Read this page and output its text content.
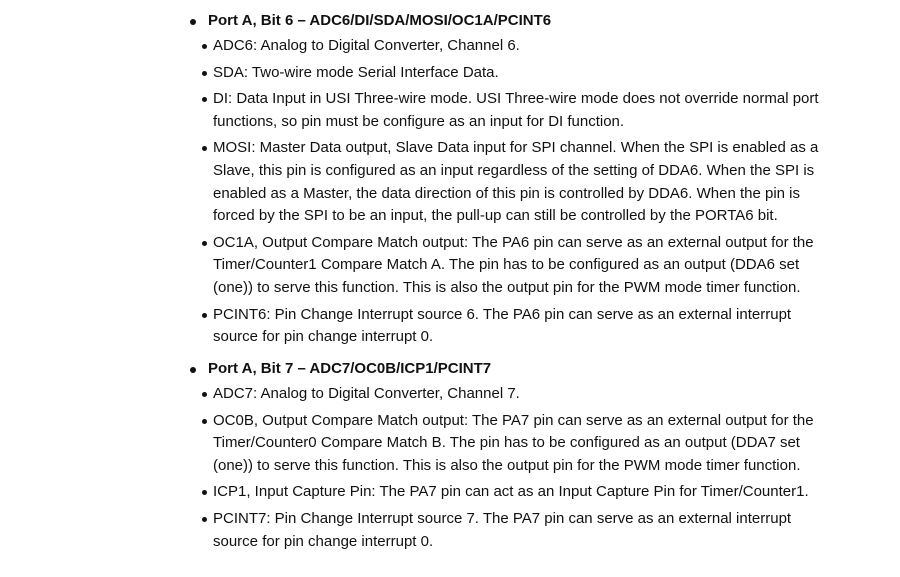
Port A, Bit 6 – ADC6/DI/SDA/MOSI/OC1A/PCINT6
ADC6: Analog to Digital Converter, Channel 6.
SDA: Two-wire mode Serial Interface Data.
DI: Data Input in USI Three-wire mode. USI Three-wire mode does not override normal port
functions, so pin must be configure as an input for DI function.
MOSI: Master Data output, Slave Data input for SPI channel. When the SPI is enabled as a
Slave, this pin is configured as an input regardless of the setting of DDA6. When the SPI is
enabled as a Master, the data direction of this pin is controlled by DDA6. When the pin is
forced by the SPI to be an input, the pull-up can still be controlled by the PORTA6 bit.
OC1A, Output Compare Match output: The PA6 pin can serve as an external output for the
Timer/Counter1 Compare Match A. The pin has to be configured as an output (DDA6 set
(one)) to serve this function. This is also the output pin for the PWM mode timer function.
PCINT6: Pin Change Interrupt source 6. The PA6 pin can serve as an external interrupt
source for pin change interrupt 0.
Port A, Bit 7 – ADC7/OC0B/ICP1/PCINT7
ADC7: Analog to Digital Converter, Channel 7.
OC0B, Output Compare Match output: The PA7 pin can serve as an external output for the
Timer/Counter0 Compare Match B. The pin has to be configured as an output (DDA7 set
(one)) to serve this function. This is also the output pin for the PWM mode timer function.
ICP1, Input Capture Pin: The PA7 pin can act as an Input Capture Pin for Timer/Counter1.
PCINT7: Pin Change Interrupt source 7. The PA7 pin can serve as an external interrupt
source for pin change interrupt 0.
